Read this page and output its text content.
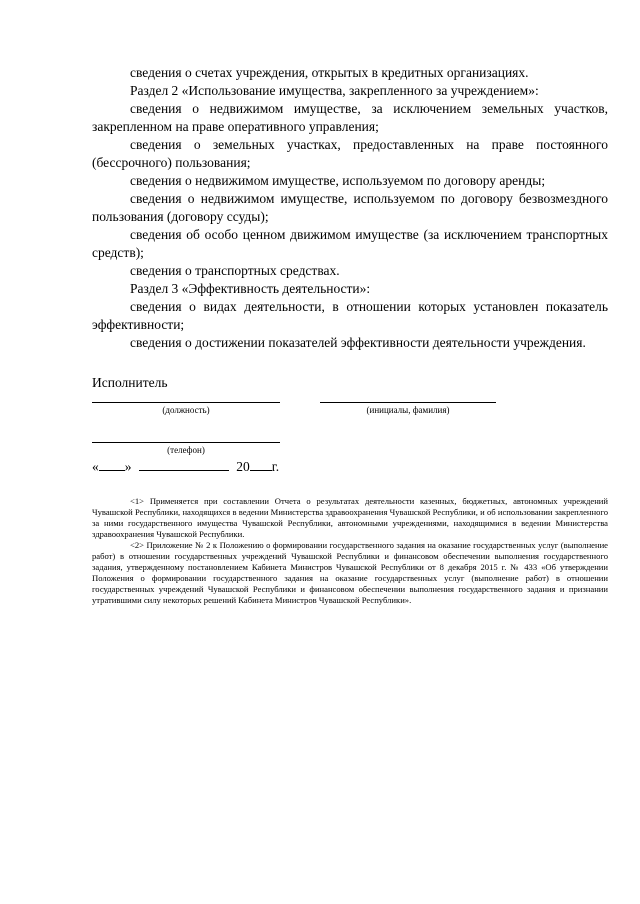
сведения о счетах учреждения, открытых в кредитных организациях.

Раздел 2 «Использование имущества, закрепленного за учреждением»:

сведения о недвижимом имуществе, за исключением земельных участков, закрепленном на праве оперативного управления;

сведения о земельных участках, предоставленных на праве постоянного (бессрочного) пользования;

сведения о недвижимом имуществе, используемом по договору аренды;

сведения о недвижимом имуществе, используемом по договору безвозмездного пользования (договору ссуды);

сведения об особо ценном движимом имуществе (за исключением транспортных средств);

сведения о транспортных средствах.

Раздел 3 «Эффективность деятельности»:

сведения о видах деятельности, в отношении которых установлен показатель эффективности;

сведения о достижении показателей эффективности деятельности учреждения.

Исполнитель
(должность)	(инициалы, фамилия)
(телефон)
« »	20 г.

<1> Применяется при составлении Отчета о результатах деятельности казенных, бюджетных, автономных учреждений Чувашской Республики, находящихся в ведении Министерства здравоохранения Чувашской Республики, и об использовании закрепленного за ними государственного имущества Чувашской Республики, автономными учреждениями, находящимися в ведении Министерства здравоохранения Чувашской Республики.

<2> Приложение № 2 к Положению о формировании государственного задания на оказание государственных услуг (выполнение работ) в отношении государственных учреждений Чувашской Республики и финансовом обеспечении выполнения государственного задания, утвержденному постановлением Кабинета Министров Чувашской Республики от 8 декабря 2015 г. № 433 «Об утверждении Положения о формировании государственного задания на оказание государственных услуг (выполнение работ) в отношении государственных учреждений Чувашской Республики и финансовом обеспечении выполнения государственного задания и признании утратившими силу некоторых решений Кабинета Министров Чувашской Республики».
